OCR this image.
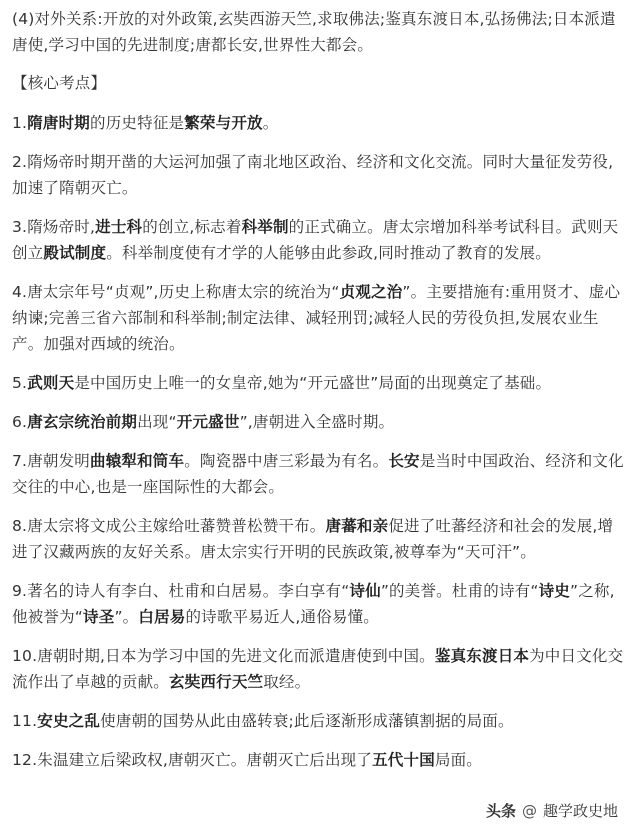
(4)对外关系:开放的对外政策,玄奘西游天竺,求取佛法;鉴真东渡日本,弘扬佛法;日本派遣唐使,学习中国的先进制度;唐都长安,世界性大都会。

【核心考点】

1.隋唐时期的历史特征是繁荣与开放。

2.隋炀帝时期开凿的大运河加强了南北地区政治、经济和文化交流。同时大量征发劳役,加速了隋朝灭亡。

3.隋炀帝时,进士科的创立,标志着科举制的正式确立。唐太宗增加科举考试科目。武则天创立殿试制度。科举制度使有才学的人能够由此参政,同时推动了教育的发展。

4.唐太宗年号“贞观”,历史上称唐太宗的统治为“贞观之治”。主要措施有:重用贤才、虚心纳谏;完善三省六部制和科举制;制定法律、减轻刑罚;减轻人民的劳役负担,发展农业生产。加强对西域的统治。

5.武则天是中国历史上唯一的女皇帝,她为“开元盛世”局面的出现奠定了基础。

6.唐玄宗统治前期出现“开元盛世”,唐朝进入全盛时期。

7.唐朝发明曲辕犁和筒车。陶瓷器中唐三彩最为有名。长安是当时中国政治、经济和文化交往的中心,也是一座国际性的大都会。

8.唐太宗将文成公主嫁给吐蕃赞普松赞干布。唐蕃和亲促进了吐蕃经济和社会的发展,增进了汉藏两族的友好关系。唐太宗实行开明的民族政策,被尊奉为“天可汗”。

9.著名的诗人有李白、杜甫和白居易。李白享有“诗仙”的美誉。杜甫的诗有“诗史”之称,他被誉为“诗圣”。白居易的诗歌平易近人,通俗易懂。

10.唐朝时期,日本为学习中国的先进文化而派遣唐使到中国。鉴真东渡日本为中日文化交流作出了卓越的贡献。玄奘西行天竺取经。

11.安史之乱使唐朝的国势从此由盛转衰;此后逐渐形成藩镇割据的局面。

12.朱温建立后梁政权,唐朝灭亡。唐朝灭亡后出现了五代十国局面。

头条 @ 趣学政史地
